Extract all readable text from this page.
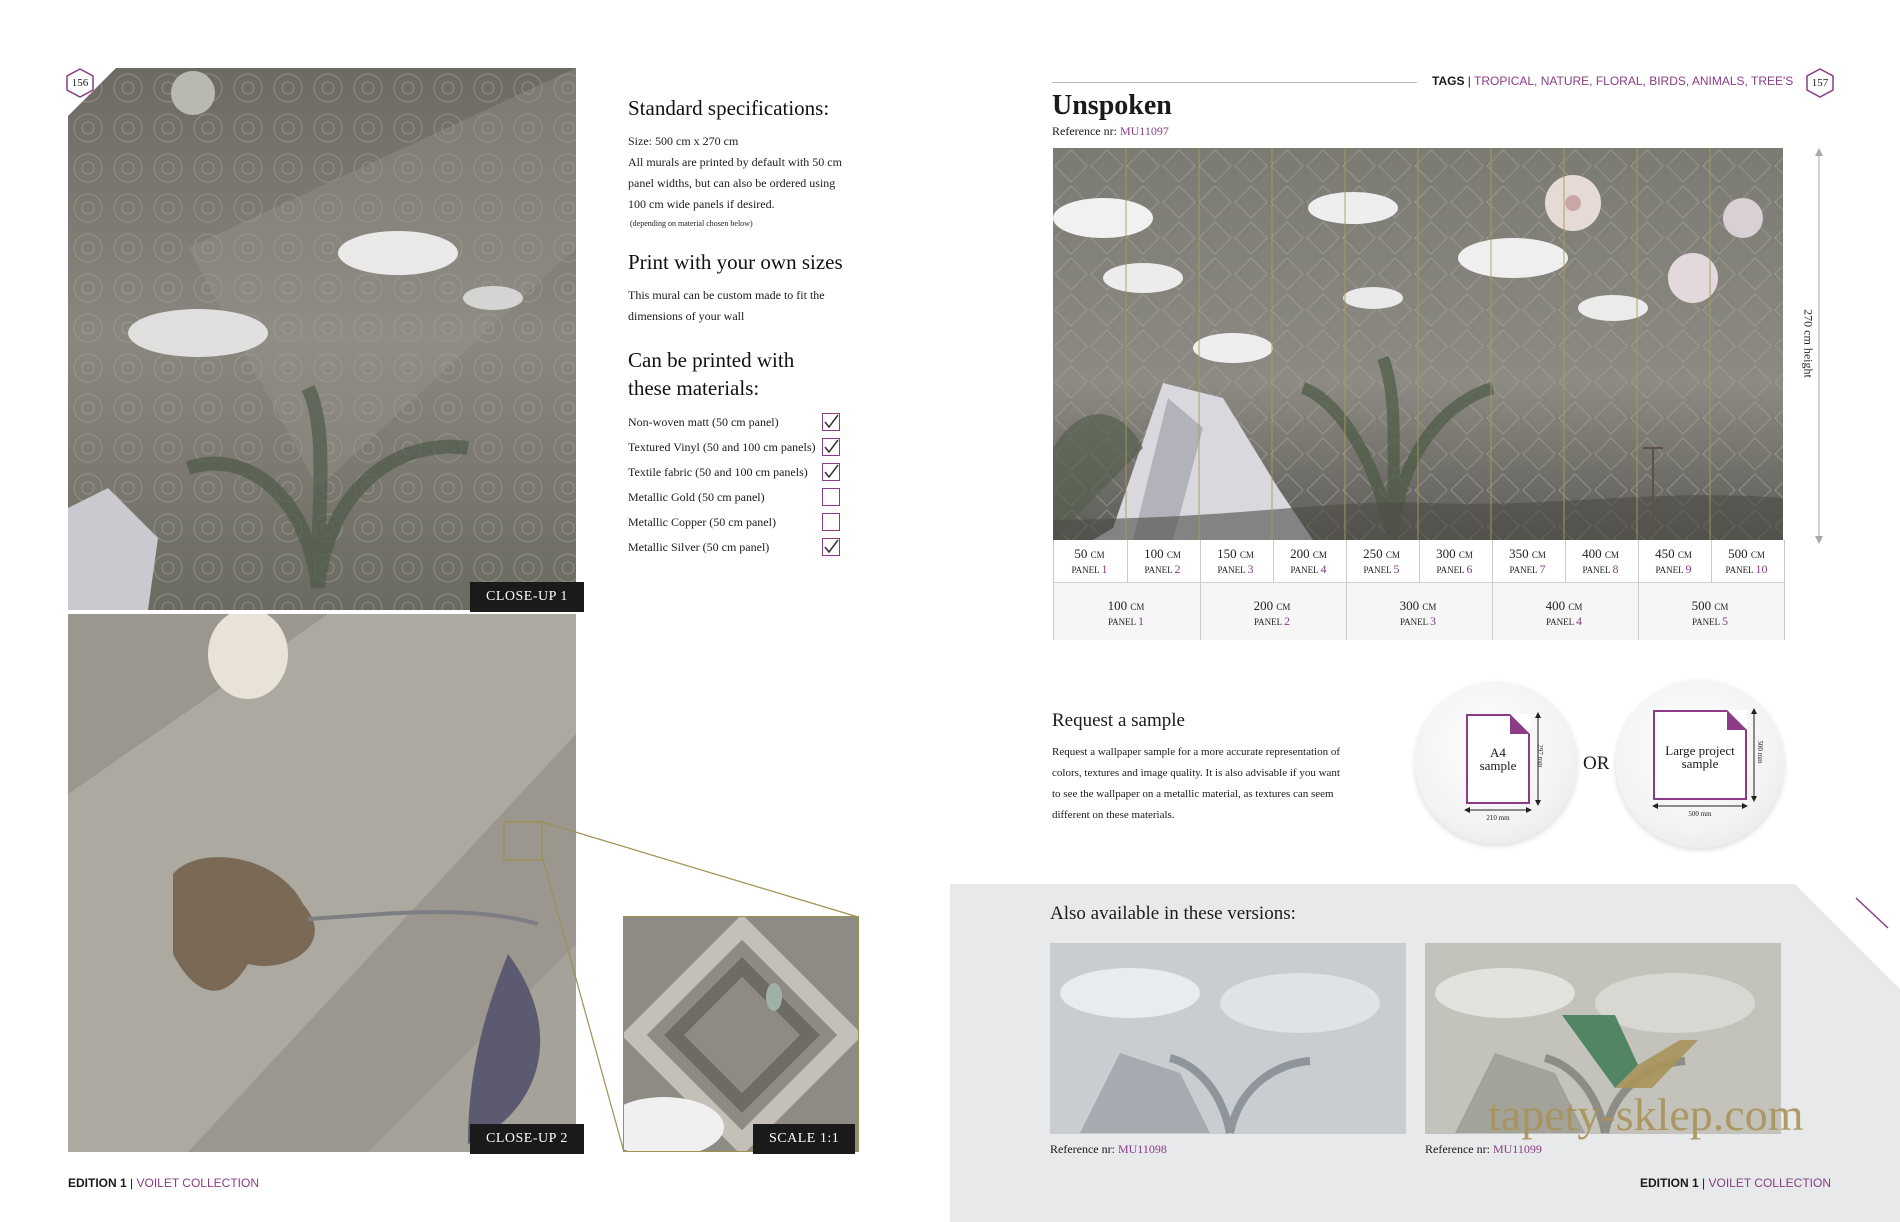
156
CLOSE-UP 1
CLOSE-UP 2	SCALE 1:1
Standard specifications:

Size: 500 cm x 270 cm

All murals are printed by default with 50 cm

panel widths, but can also be ordered using

100 cm wide panels if desired.

(depending on material chosen below)

Print with your own sizes

This mural can be custom made to fit the

dimensions of your wall

Can be printed with
these materials:
Non-woven matt (50 cm panel)
Textured Vinyl (50 and 100 cm panels)
Textile fabric (50 and 100 cm panels)
Metallic Gold (50 cm panel)
Metallic Copper (50 cm panel)
Metallic Silver (50 cm panel)
EDITION 1 | VOILET COLLECTION
TAGS | TROPICAL, NATURE, FLORAL, BIRDS, ANIMALS, TREE'S	157
Unspoken
Reference nr: MU11097
270 cm height
50 CM
PANEL 1
100 CM
PANEL 2
150 CM
PANEL 3
200 CM
PANEL 4
250 CM
PANEL 5
300 CM
PANEL 6
350 CM
PANEL 7
400 CM
PANEL 8
450 CM
PANEL 9
500 CM
PANEL 10
100 CM
PANEL 1
200 CM
PANEL 2
300 CM
PANEL 3
400 CM
PANEL 4
500 CM
PANEL 5
Request a sample
Request a wallpaper sample for a more accurate representation of
colors, textures and image quality. It is also advisable if you want
to see the wallpaper on a metallic material, as textures can seem
different on these materials.
A4
sample	297 mm
210 mm
OR
Large project
sample	500 mm
500 mm
Also available in these versions:
Reference nr: MU11098	Reference nr: MU11099
tapety-sklep.com
EDITION 1 | VOILET COLLECTION
